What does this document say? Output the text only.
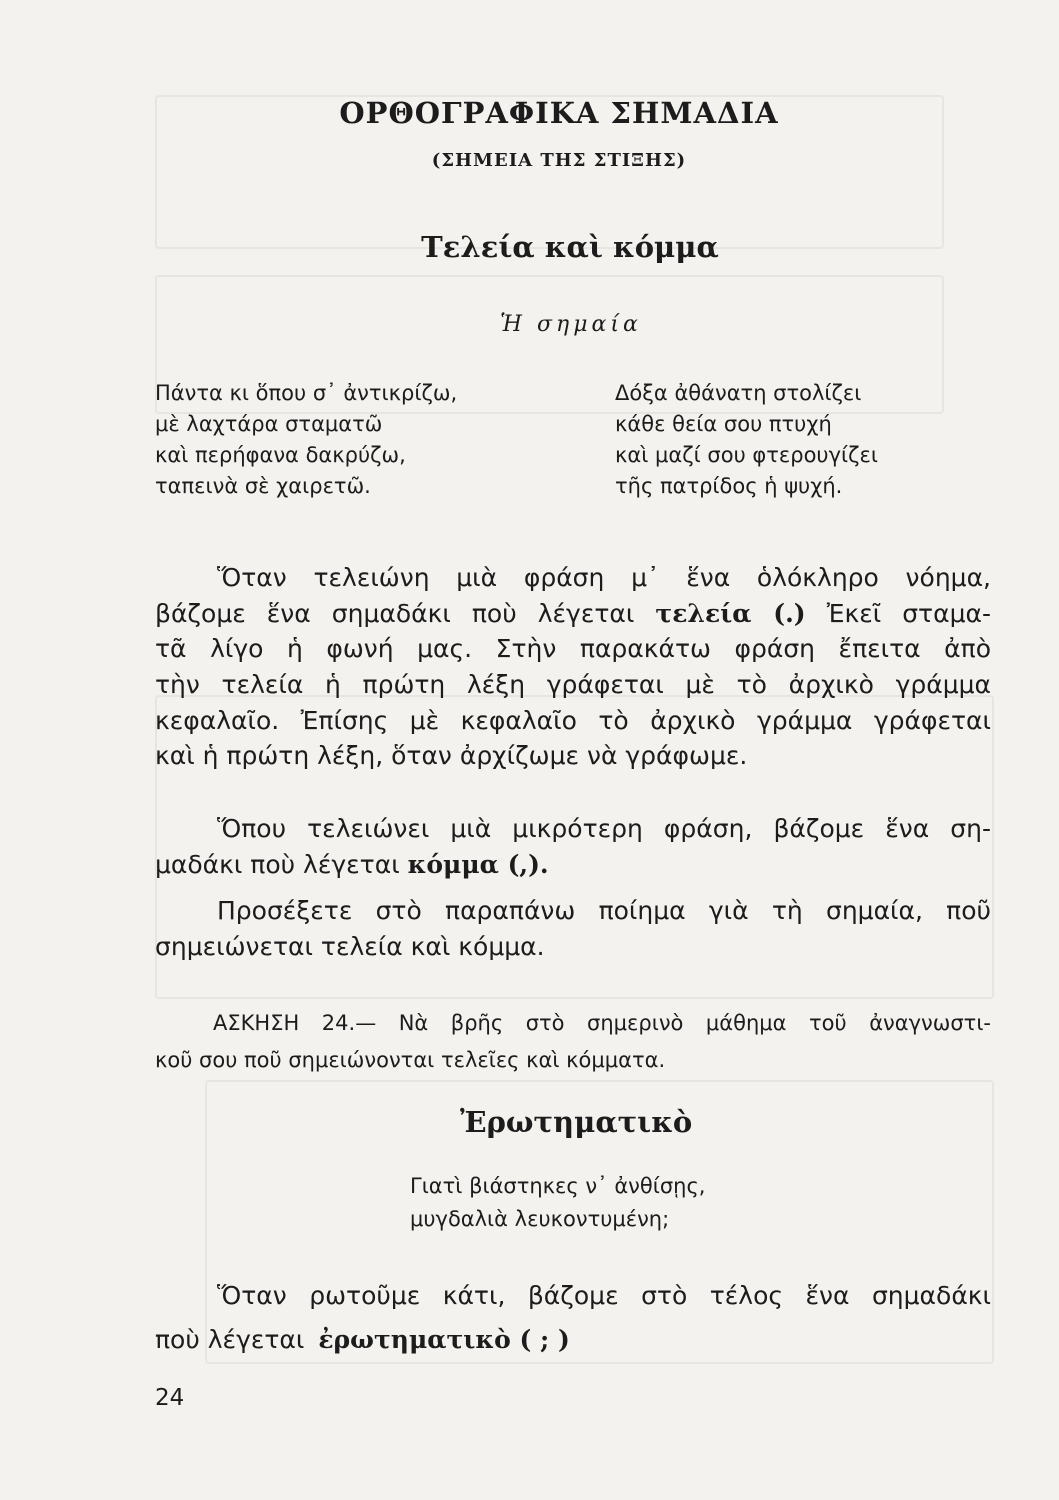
ΟΡΘΟΓΡΑΦΙΚΑ ΣΗΜΑΔΙΑ
(ΣΗΜΕΙΑ ΤΗΣ ΣΤΙΞΗΣ)
Τελεία καὶ κόμμα
Ἡ σημαία
Πάντα κι ὅπου σ᾽ ἀντικρίζω,
μὲ λαχτάρα σταματῶ
καὶ περήφανα δακρύζω,
ταπεινὰ σὲ χαιρετῶ.
Δόξα ἀθάνατη στολίζει
κάθε θεία σου πτυχή
καὶ μαζί σου φτερουγίζει
τῆς πατρίδος ἡ ψυχή.
Ὅταν τελειώνη μιὰ φράση μ᾽ ἕνα ὁλόκληρο νόημα,
βάζομε ἕνα σημαδάκι ποὺ λέγεται τελεία (.) Ἐκεῖ σταμα-
τᾶ λίγο ἡ φωνή μας. Στὴν παρακάτω φράση ἔπειτα ἀπὸ
τὴν τελεία ἡ πρώτη λέξη γράφεται μὲ τὸ ἀρχικὸ γράμμα
κεφαλαῖο. Ἐπίσης μὲ κεφαλαῖο τὸ ἀρχικὸ γράμμα γράφεται
καὶ ἡ πρώτη λέξη, ὅταν ἀρχίζωμε νὰ γράφωμε.
Ὅπου τελειώνει μιὰ μικρότερη φράση, βάζομε ἕνα ση-
μαδάκι ποὺ λέγεται κόμμα (,).
Προσέξετε στὸ παραπάνω ποίημα γιὰ τὴ σημαία, ποῦ
σημειώνεται τελεία καὶ κόμμα.
ΑΣΚΗΣΗ 24.— Νὰ βρῆς στὸ σημερινὸ μάθημα τοῦ ἀναγνωστι-
κοῦ σου ποῦ σημειώνονται τελεῖες καὶ κόμματα.
Ἐρωτηματικὸ
Γιατὶ βιάστηκες ν᾽ ἀνθίσῃς,
μυγδαλιὰ λευκοντυμένη;
Ὅταν ρωτοῦμε κάτι, βάζομε στὸ τέλος ἕνα σημαδάκι
ποὺ λέγεται ἐρωτηματικὸ ( ; )
24
